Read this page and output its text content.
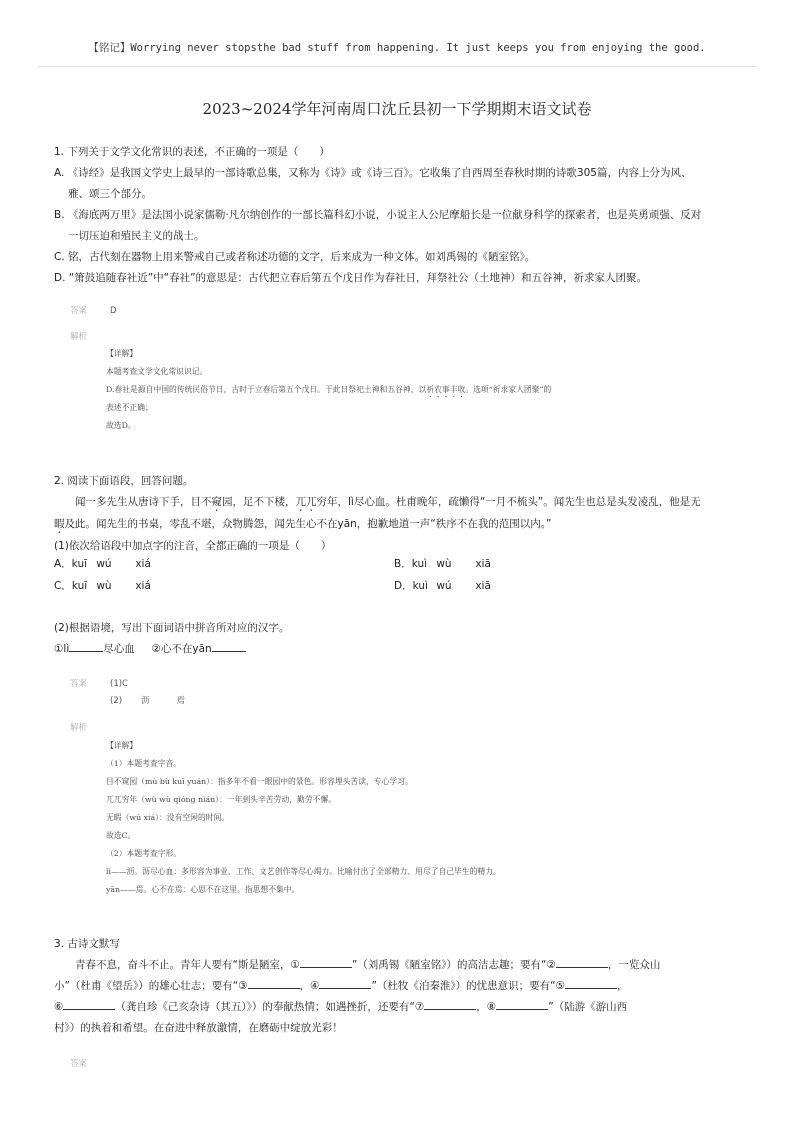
【铭记】Worrying never stopsthe bad stuff from happening. It just keeps you from enjoying the good.
2023~2024学年河南周口沈丘县初一下学期期末语文试卷
1. 下列关于文学文化常识的表述，不正确的一项是（　　）
A. 《诗经》是我国文学史上最早的一部诗歌总集，又称为《诗》或《诗三百》。它收集了自西周至春秋时期的诗歌305篇，内容上分为风、
雅、颂三个部分。
B. 《海底两万里》是法国小说家儒勒·凡尔纳创作的一部长篇科幻小说，小说主人公尼摩船长是一位献身科学的探索者，也是英勇顽强、反对
一切压迫和殖民主义的战士。
C. 铭，古代刻在器物上用来警戒自己或者称述功德的文字，后来成为一种文体。如刘禹锡的《陋室铭》。
D. “箫鼓追随春社近”中“春社”的意思是：古代把立春后第五个戊日作为春社日，拜祭社公（土地神）和五谷神，祈求家人团聚。
答案	D
解析
【详解】
本题考查文学文化常识识记。
D.春社是源自中国的传统民俗节日，古时于立春后第五个戊日。于此日祭祀土神和五谷神，以祈农事丰收。选项“祈求家人团聚”的
表述不正确；
故选D。
2. 阅读下面语段，回答问题。
闻一多先生从唐诗下手，目不窥园，足不下楼，兀兀穷年，lì尽心血。杜甫晚年，疏懒得“一月不梳头”。闻先生也总是头发凌乱，他是无
暇及此。闻先生的书桌，零乱不堪，众物腾怨，闻先生心不在yān，抱歉地道一声“秩序不在我的范围以内。”
(1)依次给语段中加点字的注音，全都正确的一项是（　　）
A．kuī wú xiá	B．kuì wù xiā
C．kuī wù xiá	D．kuì wú xiā
(2)根据语境，写出下面词语中拼音所对应的汉字。
①lì	尽心血 ②心不在yān
答案	(1)C
(2) 沥	焉
解析
【详解】
（1）本题考查字音。
目不窥园（mù bù kuī yuán）：指多年不看一眼园中的景色。形容埋头苦读，专心学习。
兀兀穷年（wù wù qióng nián）：一年到头辛苦劳动，勤劳不懈。
无暇（wú xiá）：没有空闲的时间。
故选C。
（2）本题考查字形。
lì——沥。沥尽心血：多形容为事业、工作、文艺创作等尽心竭力。比喻付出了全部精力、用尽了自己毕生的精力。
yān——焉。心不在焉：心思不在这里。指思想不集中。
3. 古诗文默写
青春不息，奋斗不止。青年人要有“斯是陋室，①	”（刘禹锡《陋室铭》）的高洁志趣；要有“②	，一览众山
小”（杜甫《望岳》）的雄心壮志；要有“③	，④	”（杜牧《泊秦淮》）的忧患意识；要有“⑤	，
⑥	（龚自珍《己亥杂诗（其五）》）的奉献热情；如遇挫折，还要有“⑦	，⑧	”（陆游《游山西
村》）的执着和希望。在奋进中释放激情，在磨砺中绽放光彩！
答案
